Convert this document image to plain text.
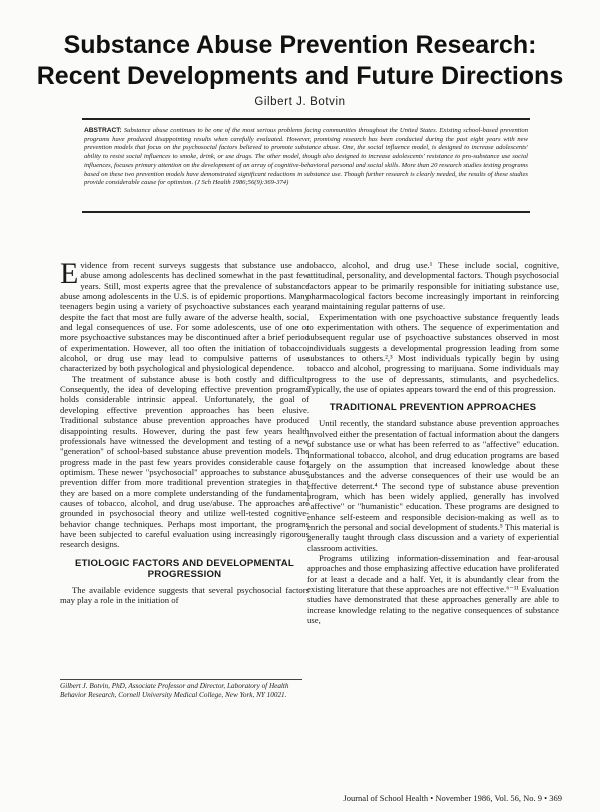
Substance Abuse Prevention Research: Recent Developments and Future Directions
Gilbert J. Botvin
ABSTRACT: Substance abuse continues to be one of the most serious problems facing communities throughout the United States. Existing school-based prevention programs have produced disappointing results when carefully evaluated. However, promising research has been conducted during the past eight years with new prevention models that focus on the psychosocial factors believed to promote substance abuse. One, the social influence model, is designed to increase adolescents' ability to resist social influences to smoke, drink, or use drugs. The other model, though also designed to increase adolescents' resistance to pro-substance use social influences, focuses primary attention on the development of an array of cognitive-behavioral personal and social skills. More than 20 research studies testing programs based on these two prevention models have demonstrated significant reductions in substance use. Though further research is clearly needed, the results of these studies provide considerable cause for optimism. (J Sch Health 1986;56(9):369-374)

Evidence from recent surveys suggests that substance use and abuse among adolescents has declined somewhat in the past few years. Still, most experts agree that the prevalence of substance abuse among adolescents in the U.S. is of epidemic proportions. Many teenagers begin using a variety of psychoactive substances each year, despite the fact that most are fully aware of the adverse health, social, and legal consequences of use. For some adolescents, use of one or more psychoactive substances may be discontinued after a brief period of experimentation. However, all too often the initiation of tobacco, alcohol, or drug use may lead to compulsive patterns of use characterized by both psychological and physiological dependence.

The treatment of substance abuse is both costly and difficult. Consequently, the idea of developing effective prevention programs holds considerable intrinsic appeal. Unfortunately, the goal of developing effective prevention approaches has been elusive. Traditional substance abuse prevention approaches have produced disappointing results. However, during the past few years health professionals have witnessed the development and testing of a new "generation" of school-based substance abuse prevention models. The progress made in the past few years provides considerable cause for optimism. These newer "psychosocial" approaches to substance abuse prevention differ from more traditional prevention strategies in that they are based on a more complete understanding of the fundamental causes of tobacco, alcohol, and drug use/abuse. The approaches are grounded in psychosocial theory and utilize well-tested cognitive-behavior change techniques. Perhaps most important, the programs have been subjected to careful evaluation using increasingly rigorous research designs.

ETIOLOGIC FACTORS AND DEVELOPMENTAL PROGRESSION

The available evidence suggests that several psychosocial factors may play a role in the initiation of

Gilbert J. Botvin, PhD, Associate Professor and Director, Laboratory of Health Behavior Research, Cornell University Medical College, New York, NY 10021.

tobacco, alcohol, and drug use.¹ These include social, cognitive, attitudinal, personality, and developmental factors. Though psychosocial factors appear to be primarily responsible for initiating substance use, pharmacological factors become increasingly important in reinforcing and maintaining regular patterns of use.

Experimentation with one psychoactive substance frequently leads to experimentation with others. The sequence of experimentation and subsequent regular use of psychoactive substances observed in most individuals suggests a developmental progression leading from some substances to others.²,³ Most individuals typically begin by using tobacco and alcohol, progressing to marijuana. Some individuals may progress to the use of depressants, stimulants, and psychedelics. Typically, the use of opiates appears toward the end of this progression.

TRADITIONAL PREVENTION APPROACHES

Until recently, the standard substance abuse prevention approaches involved either the presentation of factual information about the dangers of substance use or what has been referred to as "affective" education. Informational tobacco, alcohol, and drug education programs are based largely on the assumption that increased knowledge about these substances and the adverse consequences of their use would be an effective deterrent.⁴ The second type of substance abuse prevention program, which has been widely applied, generally has involved "affective" or "humanistic" education. These programs are designed to enhance self-esteem and responsible decision-making as well as to enrich the personal and social development of students.⁵ This material is generally taught through class discussion and a variety of experiential classroom activities.

Programs utilizing information-dissemination and fear-arousal approaches and those emphasizing affective education have proliferated for at least a decade and a half. Yet, it is abundantly clear from the existing literature that these approaches are not effective.⁶⁻¹¹ Evaluation studies have demonstrated that these approaches generally are able to increase knowledge relating to the negative consequences of substance use,

Journal of School Health • November 1986, Vol. 56, No. 9 • 369
